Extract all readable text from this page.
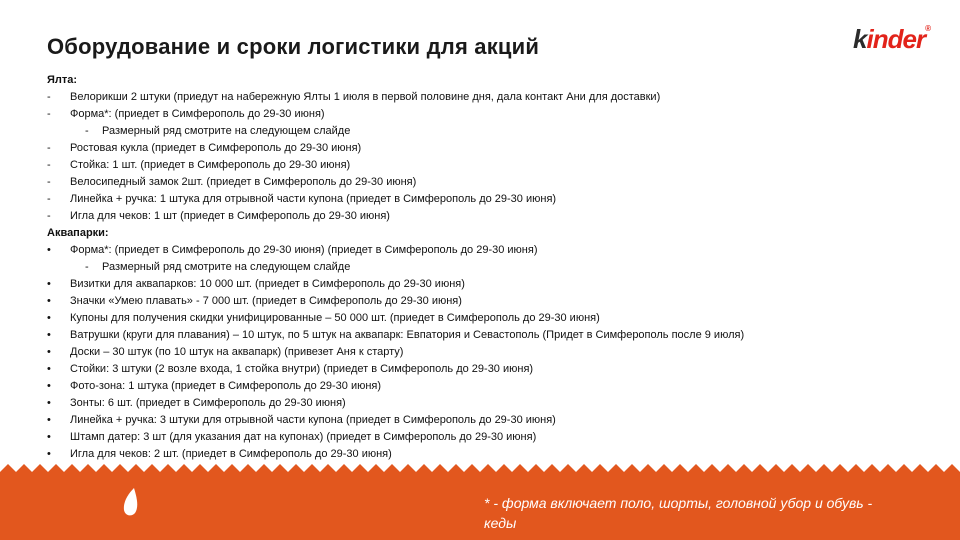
Оборудование и сроки логистики для акций	kinder®
Ялта:
-	Велорикши 2 штуки (приедут на набережную Ялты 1 июля в первой половине дня, дала контакт Ани для доставки)
-	Форма*: (приедет в Симферополь до 29-30 июня)
-	Размерный ряд смотрите на следующем слайде
-	Ростовая кукла (приедет в Симферополь до 29-30 июня)
-	Стойка: 1 шт. (приедет в Симферополь до 29-30 июня)
-	Велосипедный замок 2шт. (приедет в Симферополь до 29-30 июня)
-	Линейка + ручка: 1 штука для отрывной части купона (приедет в Симферополь до 29-30 июня)
-	Игла для чеков: 1 шт (приедет в Симферополь до 29-30 июня)
Аквапарки:
•	Форма*: (приедет в Симферополь до 29-30 июня) (приедет в Симферополь до 29-30 июня)
-	Размерный ряд смотрите на следующем слайде
•	Визитки для аквапарков: 10 000 шт. (приедет в Симферополь до 29-30 июня)
•	Значки «Умею плавать» - 7 000 шт. (приедет в Симферополь до 29-30 июня)
•	Купоны для получения скидки унифицированные – 50 000 шт. (приедет в Симферополь до 29-30 июня)
•	Ватрушки (круги для плавания) – 10 штук, по 5 штук на аквапарк: Евпатория и Севастополь (Придет в Симферополь после 9 июля)
•	Доски – 30 штук (по 10 штук на аквапарк) (привезет Аня к старту)
•	Стойки: 3 штуки (2 возле входа, 1 стойка внутри) (приедет в Симферополь до 29-30 июня)
•	Фото-зона: 1 штука (приедет в Симферополь до 29-30 июня)
•	Зонты: 6 шт. (приедет в Симферополь до 29-30 июня)
•	Линейка + ручка: 3 штуки для отрывной части купона (приедет в Симферополь до 29-30 июня)
•	Штамп датер: 3 шт (для указания дат на купонах) (приедет в Симферополь до 29-30 июня)
•	Игла для чеков: 2 шт. (приедет в Симферополь до 29-30 июня)
* - форма включает поло, шорты, головной убор и обувь - кеды
